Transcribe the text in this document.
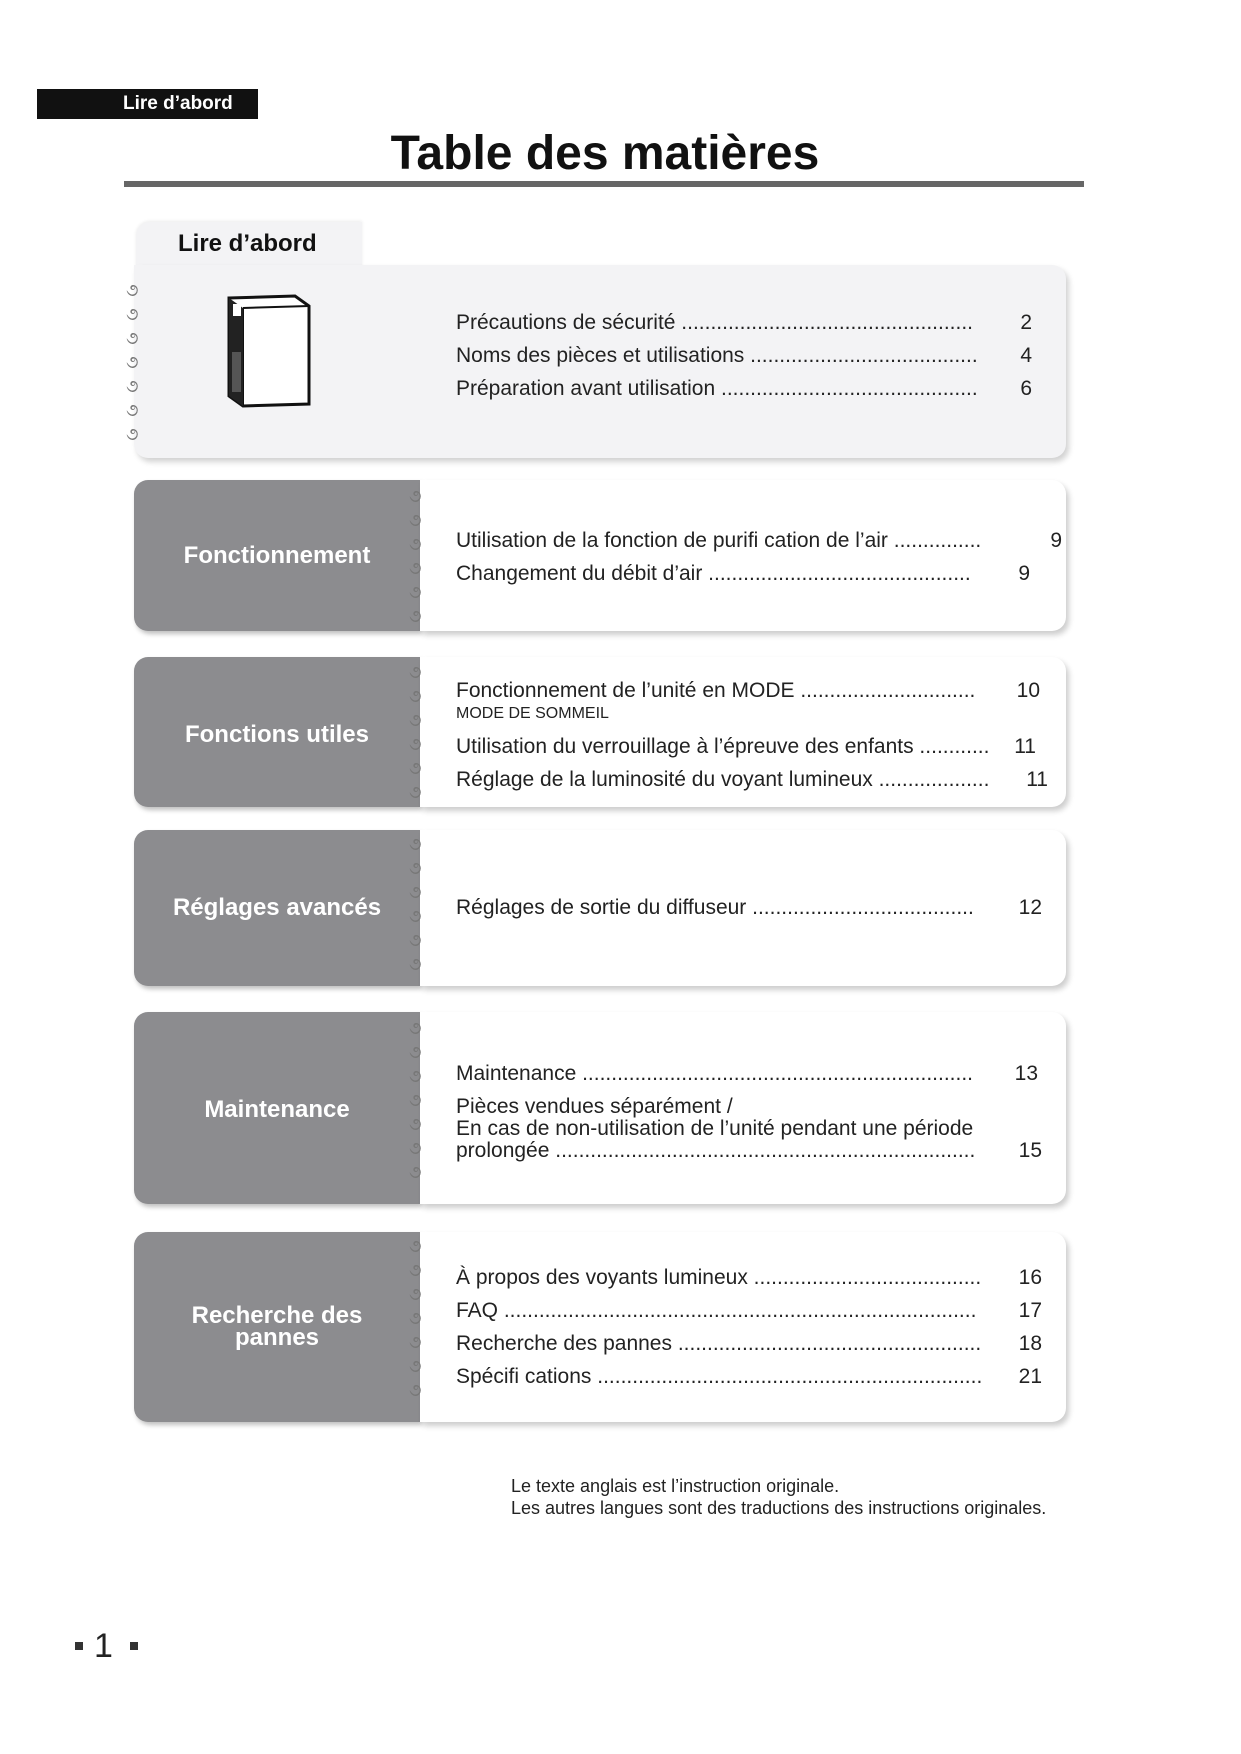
Lire d’abord
Table des matières
Lire d’abord
૭
૭
૭
૭
૭
૭
૭
Précautions de sécurité ..................................................	2
Noms des pièces et utilisations .......................................	4
Préparation avant utilisation ............................................	6
Fonctionnement
૭
૭
૭
૭
૭
૭
Utilisation de la fonction de purifi cation de l’air ...............	9
Changement du débit d’air .............................................	9
Fonctions utiles
૭
૭
૭
૭
૭
૭
Fonctionnement de l’unité en MODE ..............................	10
MODE DE SOMMEIL
Utilisation du verrouillage à l’épreuve des enfants ............	11
Réglage de la luminosité du voyant lumineux ...................	11
Réglages avancés
૭
૭
૭
૭
૭
૭
Réglages de sortie du diffuseur ......................................	12
Maintenance
૭
૭
૭
૭
૭
૭
૭
Maintenance ...................................................................	13
Pièces vendues séparément /
En cas de non-utilisation de l’unité pendant une période
prolongée ........................................................................	15
Recherche des
pannes
૭
૭
૭
૭
૭
૭
૭
À propos des voyants lumineux .......................................	16
FAQ .................................................................................	17
Recherche des pannes ....................................................	18
Spécifi cations ..................................................................	21
Le texte anglais est l’instruction originale.
Les autres langues sont des traductions des instructions originales.
1
